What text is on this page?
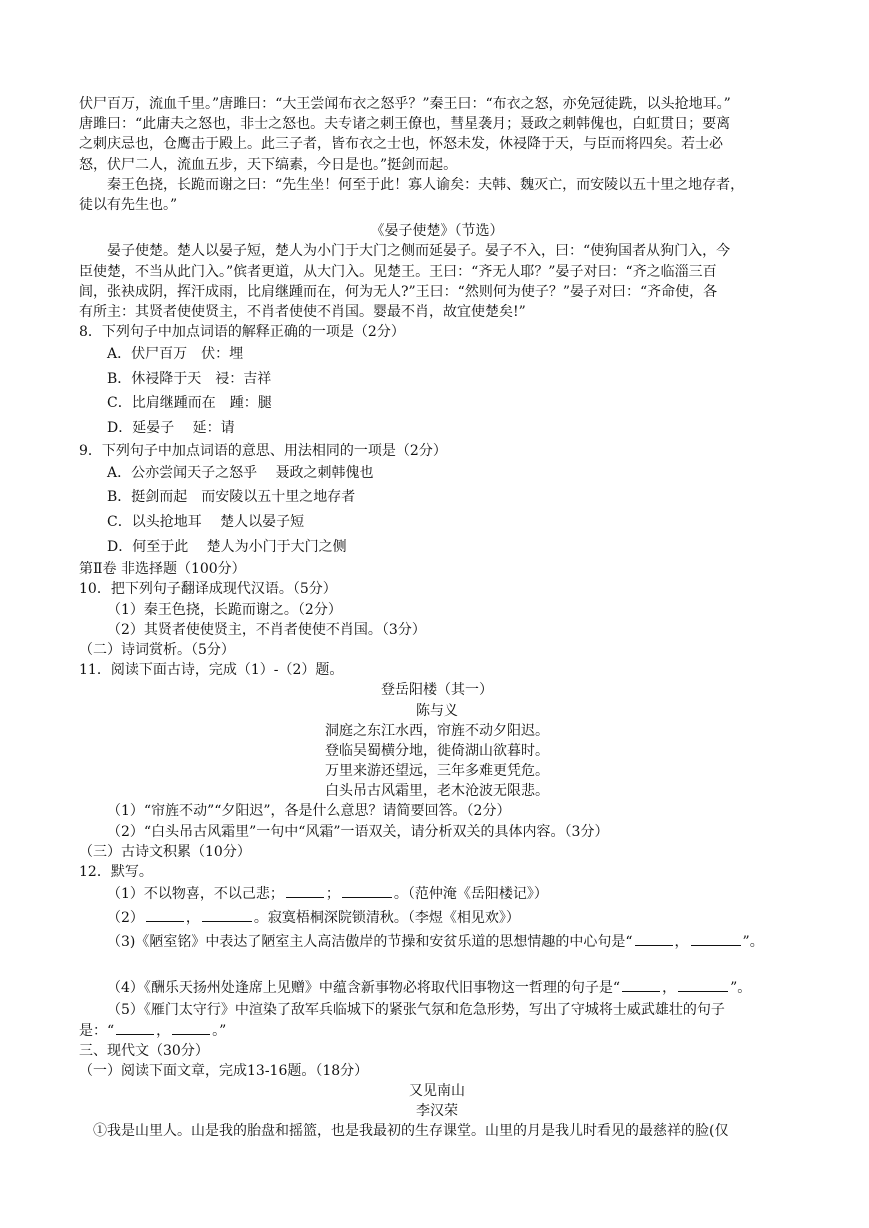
伏尸百万，流血千里。”唐雎曰：“大王尝闻布衣之怒乎？”秦王曰：“布衣之怒，亦免冠徒跣，以头抢地耳。”
唐雎曰：“此庸夫之怒也，非士之怒也。夫专诸之刺王僚也，彗星袭月；聂政之刺韩傀也，白虹贯日；要离
之刺庆忌也，仓鹰击于殿上。此三子者，皆布衣之士也，怀怒未发，休祲降于天，与臣而将四矣。若士必
怒，伏尸二人，流血五步，天下缟素，今日是也。”挺剑而起。
秦王色挠，长跪而谢之曰：“先生坐！何至于此！寡人谕矣：夫韩、魏灭亡，而安陵以五十里之地存者，
徒以有先生也。”
《晏子使楚》（节选）
晏子使楚。楚人以晏子短，楚人为小门于大门之侧而延晏子。晏子不入，曰：“使狗国者从狗门入，今
臣使楚，不当从此门入。”傧者更道，从大门入。见楚王。王曰：“齐无人耶？”晏子对曰：“齐之临淄三百
闾，张袂成阴，挥汗成雨，比肩继踵而在，何为无人?”王曰：“然则何为使子？”晏子对曰：“齐命使，各
有所主：其贤者使使贤主，不肖者使使不肖国。婴最不肖，故宜使楚矣!”
8．下列句子中加点词语的解释正确的一项是（2分）
A．伏尸百万　伏：埋
B．休祲降于天　祲：吉祥
C．比肩继踵而在　踵：腿
D．延晏子　 延：请
9．下列句子中加点词语的意思、用法相同的一项是（2分）
A．公亦尝闻天子之怒乎　 聂政之刺韩傀也
B．挺剑而起　而安陵以五十里之地存者
C．以头抢地耳　 楚人以晏子短
D．何至于此　 楚人为小门于大门之侧
第Ⅱ卷 非选择题（100分）
10．把下列句子翻译成现代汉语。（5分）
（1）秦王色挠，长跪而谢之。（2分）
（2）其贤者使使贤主，不肖者使使不肖国。（3分）
（二）诗词赏析。（5分）
11．阅读下面古诗，完成（1）-（2）题。
登岳阳楼（其一）
陈与义
洞庭之东江水西，帘旌不动夕阳迟。
登临吴蜀横分地，徙倚湖山欲暮时。
万里来游还望远，三年多难更凭危。
白头吊古风霜里，老木沧波无限悲。
（1）“帘旌不动”“夕阳迟”，各是什么意思？请简要回答。（2分）
（2）“白头吊古风霜里”一句中“风霜”一语双关，请分析双关的具体内容。（3分）
（三）古诗文积累（10分）
12．默写。
（1）不以物喜，不以己悲；	；	。（范仲淹《岳阳楼记》）
（2）	，	。寂寞梧桐深院锁清秋。（李煜《相见欢》）
（3)《陋室铭》中表达了陋室主人高洁傲岸的节操和安贫乐道的思想情趣的中心句是“	，	”。
（4）《酬乐天扬州处逢席上见赠》中蕴含新事物必将取代旧事物这一哲理的句子是“	，	”。
（5）《雁门太守行》中渲染了敌军兵临城下的紧张气氛和危急形势，写出了守城将士威武雄壮的句子
是：“	，	。”
三、现代文（30分）
（一）阅读下面文章，完成13-16题。（18分）
又见南山
李汉荣
①我是山里人。山是我的胎盘和摇篮，也是我最初的生存课堂。山里的月是我儿时看见的最慈祥的脸(仅
